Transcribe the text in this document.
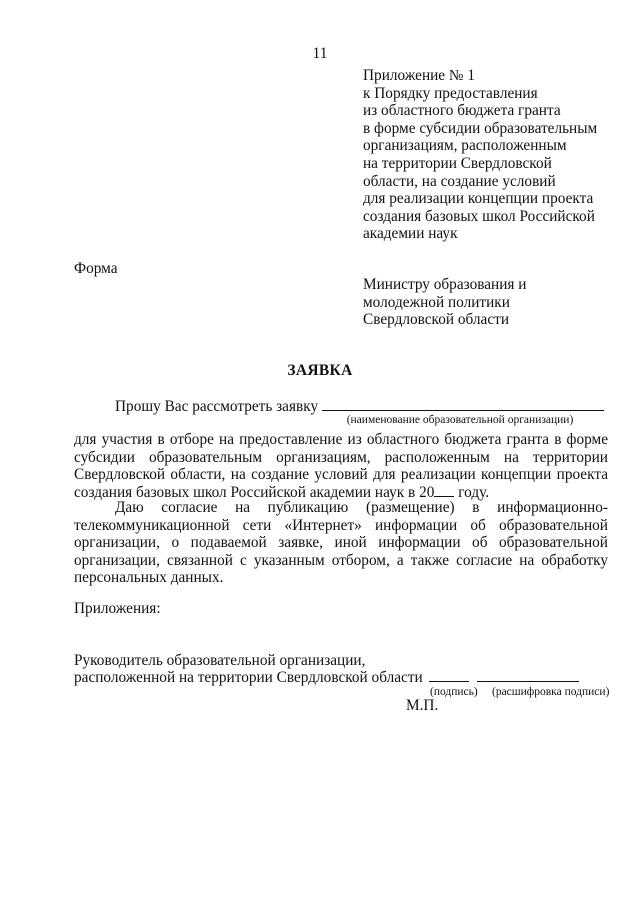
11
Приложение № 1
к Порядку предоставления
из областного бюджета гранта
в форме субсидии образовательным
организациям, расположенным
на территории Свердловской
области, на создание условий
для реализации концепции проекта
создания базовых школ Российской
академии наук
Форма
Министру образования и
молодежной политики
Свердловской области
ЗАЯВКА
Прошу Вас рассмотреть заявку
(наименование образовательной организации)
для участия в отборе на предоставление из областного бюджета гранта в форме субсидии образовательным организациям, расположенным на территории Свердловской области, на создание условий для реализации концепции проекта создания базовых школ Российской академии наук в 20 году.
Даю согласие на публикацию (размещение) в информационно-телекоммуникационной сети «Интернет» информации об образовательной организации, о подаваемой заявке, иной информации об образовательной организации, связанной с указанным отбором, а также согласие на обработку персональных данных.
Приложения:
Руководитель образовательной организации,
расположенной на территории Свердловской области
(подпись) (расшифровка подписи)
М.П.
